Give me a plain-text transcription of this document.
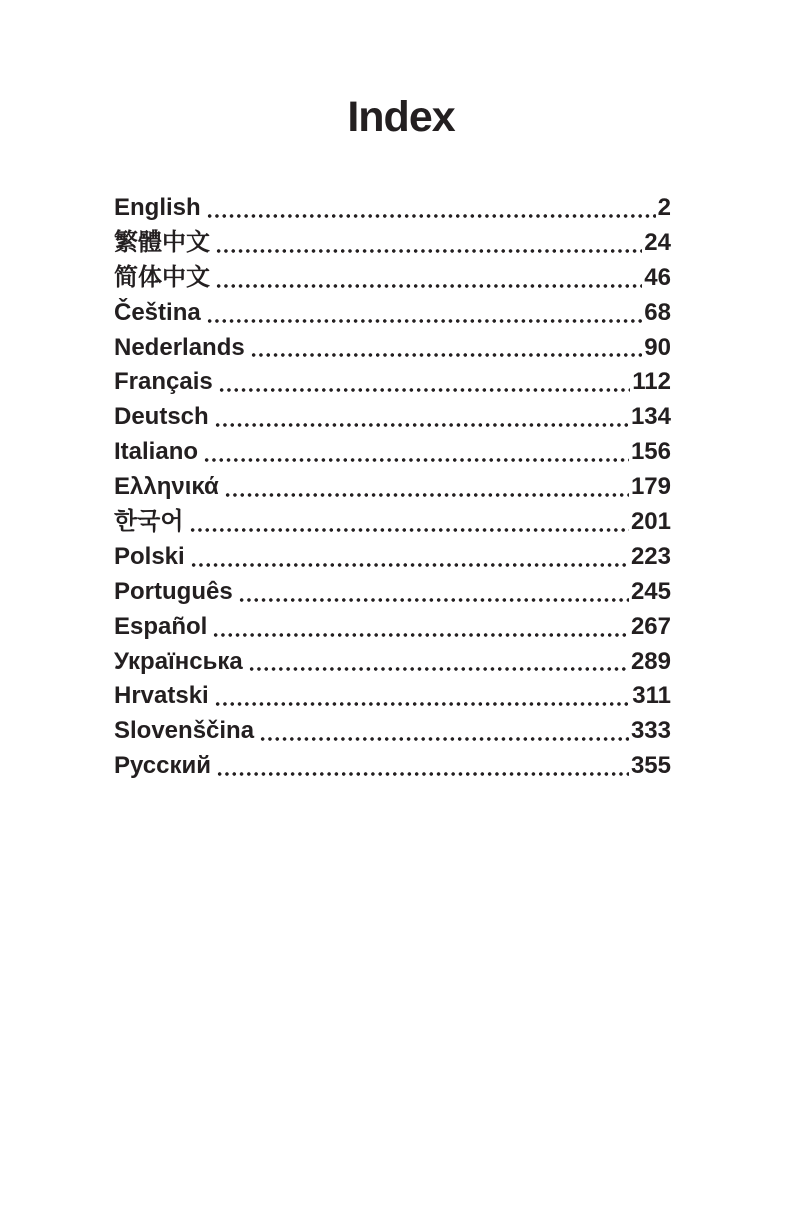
Index
English	2
繁體中文	24
简体中文	46
Čeština	68
Nederlands	90
Français	112
Deutsch	134
Italiano	156
Ελληνικά	179
한국어	201
Polski	223
Português	245
Español	267
Українська	289
Hrvatski	311
Slovenščina	333
Русский	355
